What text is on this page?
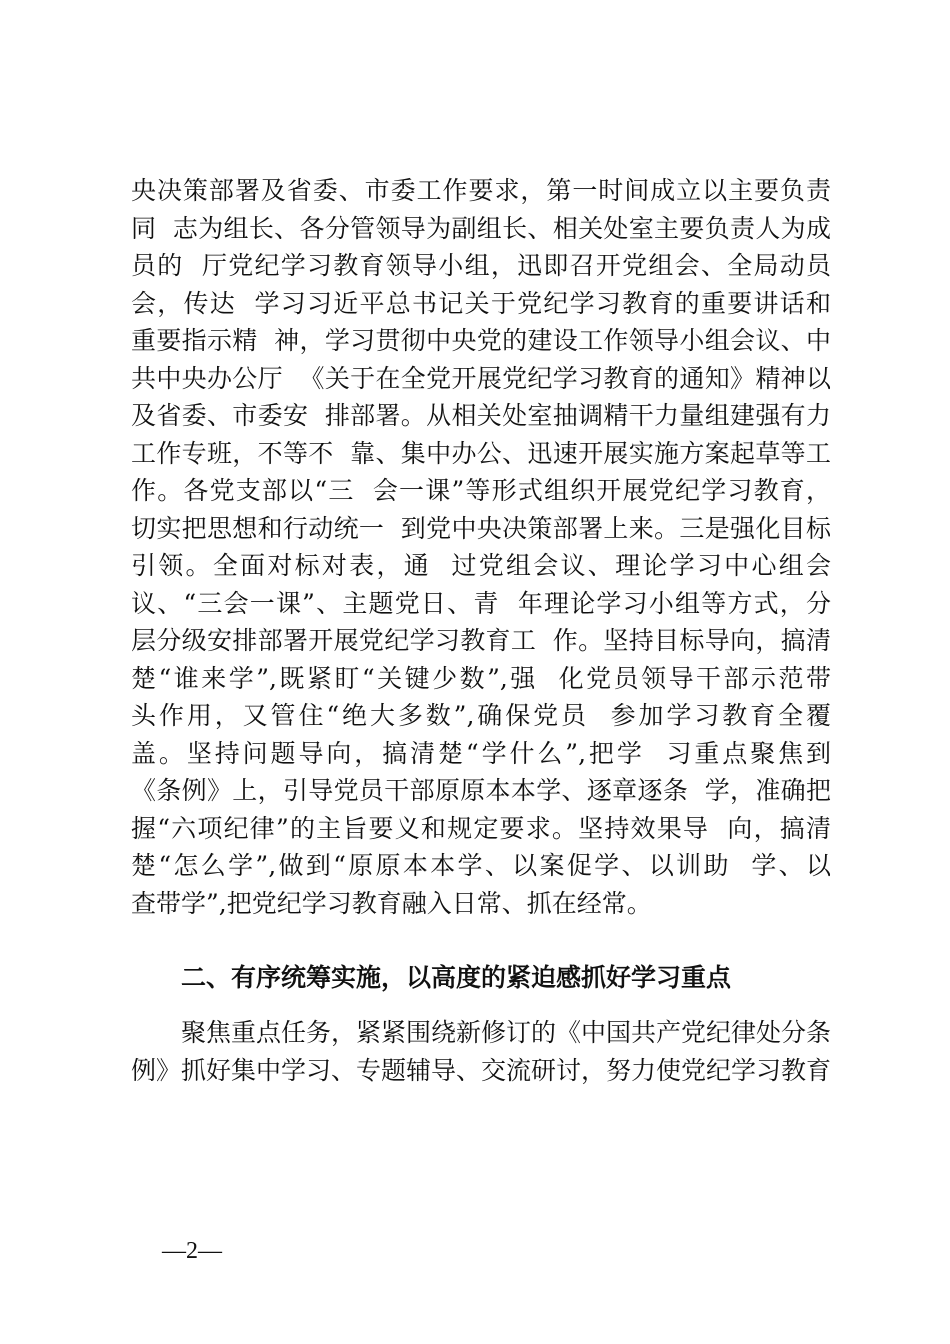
央决策部署及省委、市委工作要求，第一时间成立以主要负责
同  志为组长、各分管领导为副组长、相关处室主要负责人为成
员的  厅党纪学习教育领导小组，迅即召开党组会、全局动员
会，传达  学习习近平总书记关于党纪学习教育的重要讲话和
重要指示精  神，学习贯彻中央党的建设工作领导小组会议、中
共中央办公厅  《关于在全党开展党纪学习教育的通知》精神以
及省委、市委安  排部署。从相关处室抽调精干力量组建强有力
工作专班，不等不  靠、集中办公、迅速开展实施方案起草等工
作。各党支部以“三  会一课”等形式组织开展党纪学习教育，
切实把思想和行动统一  到党中央决策部署上来。三是强化目标
引领。全面对标对表，通  过党组会议、理论学习中心组会
议、“三会一课”、主题党日、青  年理论学习小组等方式，分
层分级安排部署开展党纪学习教育工  作。坚持目标导向，搞清
楚“谁来学”,既紧盯“关键少数”,强  化党员领导干部示范带
头作用，又管住“绝大多数”,确保党员  参加学习教育全覆
盖。坚持问题导向，搞清楚“学什么”,把学  习重点聚焦到
《条例》上，引导党员干部原原本本学、逐章逐条  学，准确把
握“六项纪律”的主旨要义和规定要求。坚持效果导  向，搞清
楚“怎么学”,做到“原原本本学、以案促学、以训助  学、以
查带学”,把党纪学习教育融入日常、抓在经常。
二、有序统筹实施，以高度的紧迫感抓好学习重点
聚焦重点任务，紧紧围绕新修订的《中国共产党纪律处分条
例》抓好集中学习、专题辅导、交流研讨，努力使党纪学习教育
—2—
